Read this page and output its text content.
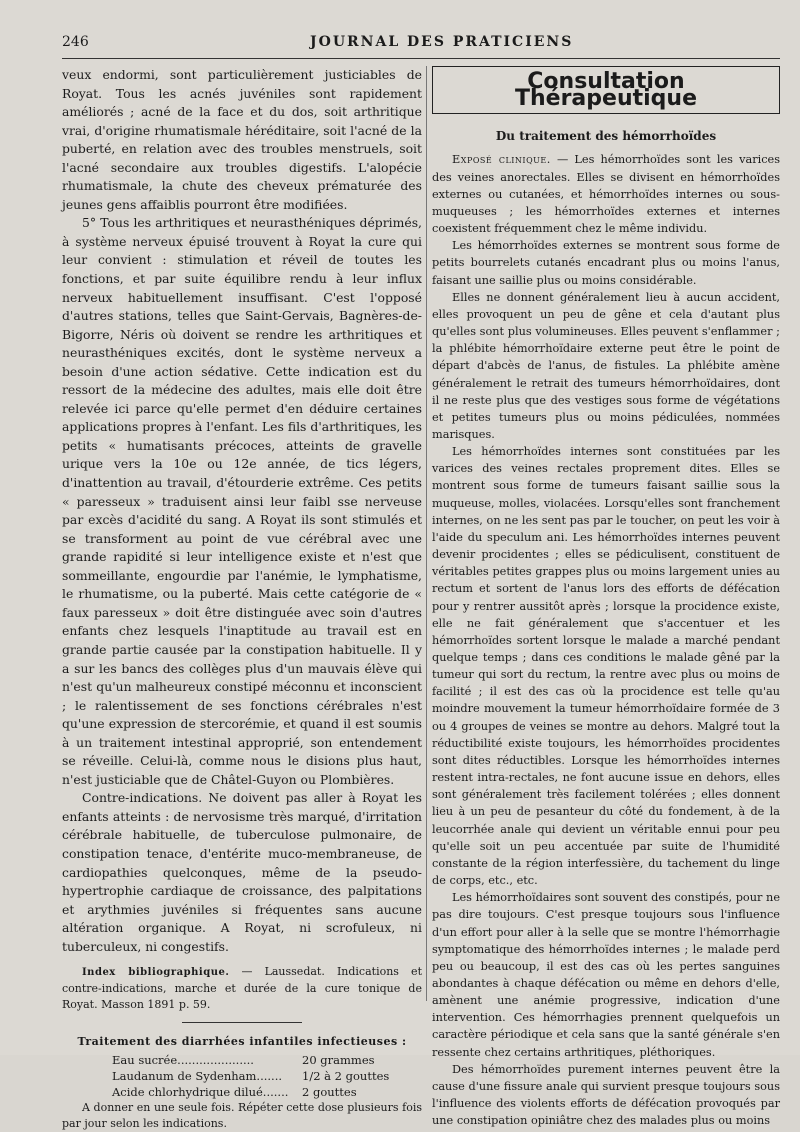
246	JOURNAL DES PRATICIENS

veux endormi, sont particulièrement justiciables de Royat. Tous les acnés juvéniles sont rapidement améliorés ; acné de la face et du dos, soit arthritique vrai, d'origine rhumatismale héréditaire, soit l'acné de la puberté, en relation avec des troubles menstruels, soit l'acné secondaire aux troubles digestifs. L'alopécie rhumatismale, la chute des cheveux prématurée des jeunes gens affaiblis pourront être modifiées.

5° Tous les arthritiques et neurasthéniques déprimés, à système nerveux épuisé trouvent à Royat la cure qui leur convient : stimulation et réveil de toutes les fonctions, et par suite équilibre rendu à leur influx nerveux habituellement insuffisant. C'est l'opposé d'autres stations, telles que Saint-Gervais, Bagnères-de-Bigorre, Néris où doivent se rendre les arthritiques et neurasthéniques excités, dont le système nerveux a besoin d'une action sédative. Cette indication est du ressort de la médecine des adultes, mais elle doit être relevée ici parce qu'elle permet d'en déduire certaines applications propres à l'enfant. Les fils d'arthritiques, les petits « humatisants précoces, atteints de gravelle urique vers la 10e ou 12e année, de tics légers, d'inattention au travail, d'étourderie extrême. Ces petits « paresseux » traduisent ainsi leur faibl sse nerveuse par excès d'acidité du sang. A Royat ils sont stimulés et se transforment au point de vue cérébral avec une grande rapidité si leur intelligence existe et n'est que sommeillante, engourdie par l'anémie, le lymphatisme, le rhumatisme, ou la puberté. Mais cette catégorie de « faux paresseux » doit être distinguée avec soin d'autres enfants chez lesquels l'inaptitude au travail est en grande partie causée par la constipation habituelle. Il y a sur les bancs des collèges plus d'un mauvais élève qui n'est qu'un malheureux constipé méconnu et inconscient ; le ralentissement de ses fonctions cérébrales n'est qu'une expression de stercorémie, et quand il est soumis à un traitement intestinal approprié, son entendement se réveille. Celui-là, comme nous le disions plus haut, n'est justiciable que de Châtel-Guyon ou Plombières.

Contre-indications. Ne doivent pas aller à Royat les enfants atteints : de nervosisme très marqué, d'irritation cérébrale habituelle, de tuberculose pulmonaire, de constipation tenace, d'entérite muco-membraneuse, de cardiopathies quelconques, même de la pseudo-hypertrophie cardiaque de croissance, des palpitations et arythmies juvéniles si fréquentes sans aucune altération organique. A Royat, ni scrofuleux, ni tuberculeux, ni congestifs.

Index bibliographique. — Laussedat. Indications et contre-indications, marche et durée de la cure tonique de Royat. Masson 1891 p. 59.

Traitement des diarrhées infantiles infectieuses :
Eau sucrée.....................	20 grammes
Laudanum de Sydenham.......	1/2 à 2 gouttes
Acide chlorhydrique dilué.......	2 gouttes

A donner en une seule fois. Répéter cette dose plusieurs fois par jour selon les indications.

Consultation Thérapeutique
Du traitement des hémorrhoïdes

Exposé clinique. — Les hémorrhoïdes sont les varices des veines anorectales. Elles se divisent en hémorrhoïdes externes ou cutanées, et hémorrhoïdes internes ou sous-muqueuses ; les hémorrhoïdes externes et internes coexistent fréquemment chez le même individu.

Les hémorrhoïdes externes se montrent sous forme de petits bourrelets cutanés encadrant plus ou moins l'anus, faisant une saillie plus ou moins considérable.

Elles ne donnent généralement lieu à aucun accident, elles provoquent un peu de gêne et cela d'autant plus qu'elles sont plus volumineuses. Elles peuvent s'enflammer ; la phlébite hémorrhoïdaire externe peut être le point de départ d'abcès de l'anus, de fistules. La phlébite amène généralement le retrait des tumeurs hémorrhoïdaires, dont il ne reste plus que des vestiges sous forme de végétations et petites tumeurs plus ou moins pédiculées, nommées marisques.

Les hémorrhoïdes internes sont constituées par les varices des veines rectales proprement dites. Elles se montrent sous forme de tumeurs faisant saillie sous la muqueuse, molles, violacées. Lorsqu'elles sont franchement internes, on ne les sent pas par le toucher, on peut les voir à l'aide du speculum ani. Les hémorrhoïdes internes peuvent devenir procidentes ; elles se pédiculisent, constituent de véritables petites grappes plus ou moins largement unies au rectum et sortent de l'anus lors des efforts de défécation pour y rentrer aussitôt après ; lorsque la procidence existe, elle ne fait généralement que s'accentuer et les hémorrhoïdes sortent lorsque le malade a marché pendant quelque temps ; dans ces conditions le malade gêné par la tumeur qui sort du rectum, la rentre avec plus ou moins de facilité ; il est des cas où la procidence est telle qu'au moindre mouvement la tumeur hémorrhoïdaire formée de 3 ou 4 groupes de veines se montre au dehors. Malgré tout la réductibilité existe toujours, les hémorrhoïdes procidentes sont dites réductibles. Lorsque les hémorrhoïdes internes restent intra-rectales, ne font aucune issue en dehors, elles sont généralement très facilement tolérées ; elles donnent lieu à un peu de pesanteur du côté du fondement, à de la leucorrhée anale qui devient un véritable ennui pour peu qu'elle soit un peu accentuée par suite de l'humidité constante de la région interfessière, du tachement du linge de corps, etc., etc.

Les hémorrhoïdaires sont souvent des constipés, pour ne pas dire toujours. C'est presque toujours sous l'influence d'un effort pour aller à la selle que se montre l'hémorrhagie symptomatique des hémorrhoïdes internes ; le malade perd peu ou beaucoup, il est des cas où les pertes sanguines abondantes à chaque défécation ou même en dehors d'elle, amènent une anémie progressive, indication d'une intervention. Ces hémorrhagies prennent quelquefois un caractère périodique et cela sans que la santé générale s'en ressente chez certains arthritiques, pléthoriques.

Des hémorrhoïdes purement internes peuvent être la cause d'une fissure anale qui survient presque toujours sous l'influence des violents efforts de défécation provoqués par une constipation opiniâtre chez des malades plus ou moins
